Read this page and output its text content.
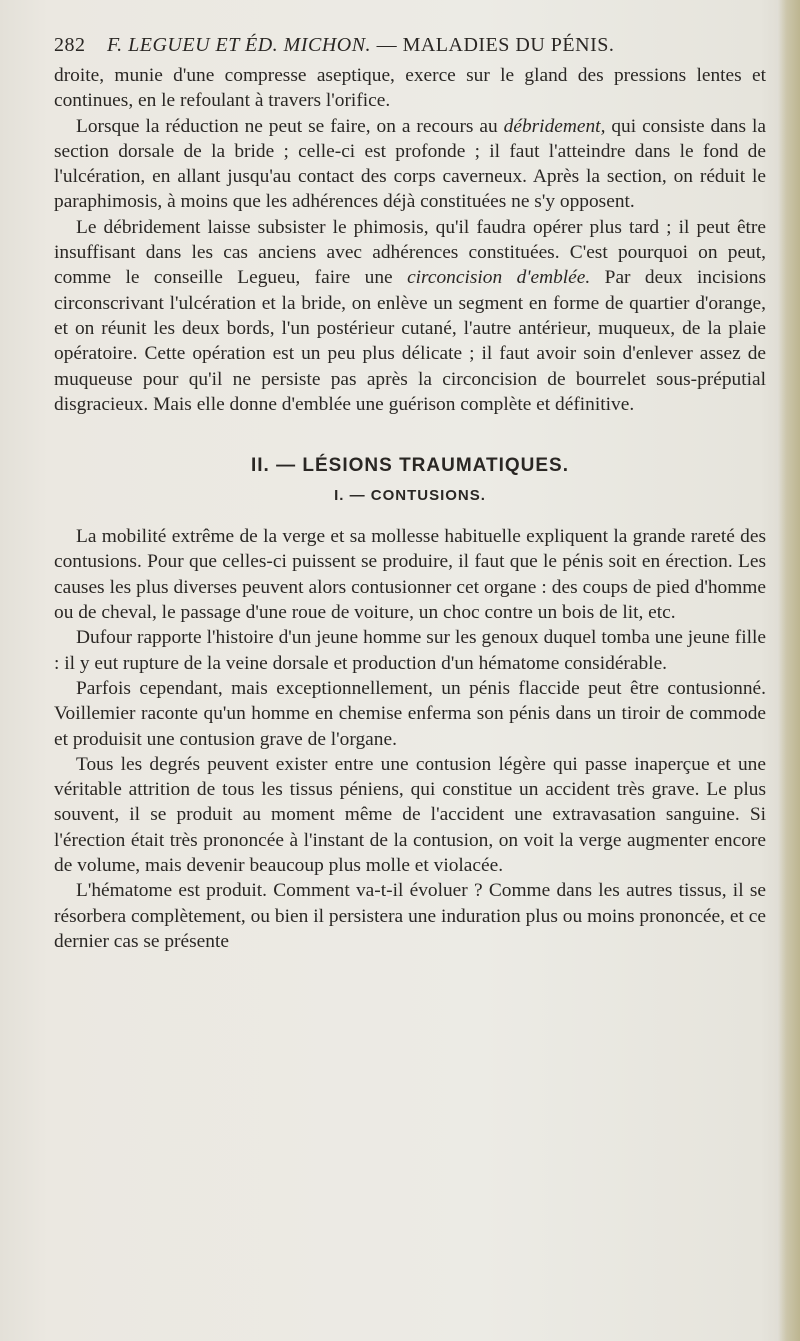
282 F. LEGUEU ET ÉD. MICHON. — MALADIES DU PÉNIS.

droite, munie d'une compresse aseptique, exerce sur le gland des pressions lentes et continues, en le refoulant à travers l'orifice.

Lorsque la réduction ne peut se faire, on a recours au débridement, qui consiste dans la section dorsale de la bride ; celle-ci est profonde ; il faut l'atteindre dans le fond de l'ulcération, en allant jusqu'au contact des corps caverneux. Après la section, on réduit le paraphimosis, à moins que les adhérences déjà constituées ne s'y opposent.

Le débridement laisse subsister le phimosis, qu'il faudra opérer plus tard ; il peut être insuffisant dans les cas anciens avec adhérences constituées. C'est pourquoi on peut, comme le conseille Legueu, faire une circoncision d'emblée. Par deux incisions circonscrivant l'ulcération et la bride, on enlève un segment en forme de quartier d'orange, et on réunit les deux bords, l'un postérieur cutané, l'autre antérieur, muqueux, de la plaie opératoire. Cette opération est un peu plus délicate ; il faut avoir soin d'enlever assez de muqueuse pour qu'il ne persiste pas après la circoncision de bourrelet sous-préputial disgracieux. Mais elle donne d'emblée une guérison complète et définitive.

II. — LÉSIONS TRAUMATIQUES.
I. — CONTUSIONS.

La mobilité extrême de la verge et sa mollesse habituelle expliquent la grande rareté des contusions. Pour que celles-ci puissent se produire, il faut que le pénis soit en érection. Les causes les plus diverses peuvent alors contusionner cet organe : des coups de pied d'homme ou de cheval, le passage d'une roue de voiture, un choc contre un bois de lit, etc.

Dufour rapporte l'histoire d'un jeune homme sur les genoux duquel tomba une jeune fille : il y eut rupture de la veine dorsale et production d'un hématome considérable.

Parfois cependant, mais exceptionnellement, un pénis flaccide peut être contusionné. Voillemier raconte qu'un homme en chemise enferma son pénis dans un tiroir de commode et produisit une contusion grave de l'organe.

Tous les degrés peuvent exister entre une contusion légère qui passe inaperçue et une véritable attrition de tous les tissus péniens, qui constitue un accident très grave. Le plus souvent, il se produit au moment même de l'accident une extravasation sanguine. Si l'érection était très prononcée à l'instant de la contusion, on voit la verge augmenter encore de volume, mais devenir beaucoup plus molle et violacée.

L'hématome est produit. Comment va-t-il évoluer ? Comme dans les autres tissus, il se résorbera complètement, ou bien il persistera une induration plus ou moins prononcée, et ce dernier cas se présente
